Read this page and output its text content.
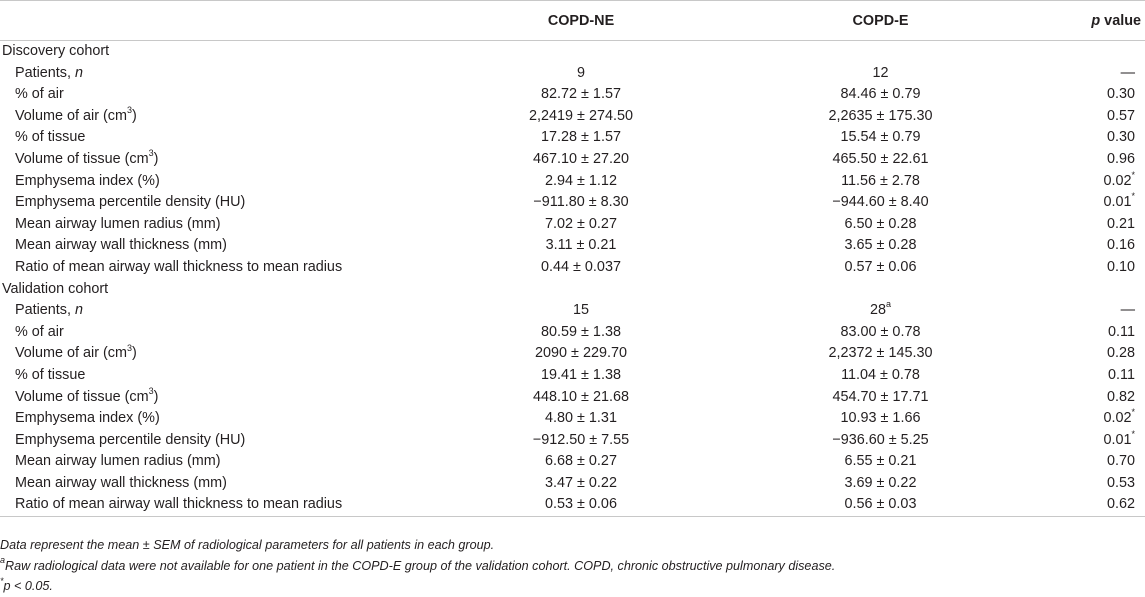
	COPD-NE	COPD-E	p value
Discovery cohort			
Patients, n	9	12	—
% of air	82.72 ± 1.57	84.46 ± 0.79	0.30
Volume of air $(cm^3)$	2,2419 ± 274.50	2,2635 ± 175.30	0.57
% of tissue	17.28 ± 1.57	15.54 ± 0.79	0.30
Volume of tissue $(cm^3)$	467.10 ± 27.20	465.50 ± 22.61	0.96
Emphysema index (%)	2.94 ± 1.12	11.56 ± 2.78	0.02*
Emphysema percentile density (HU)	−911.80 ± 8.30	−944.60 ± 8.40	0.01*
Mean airway lumen radius (mm)	7.02 ± 0.27	6.50 ± 0.28	0.21
Mean airway wall thickness (mm)	3.11 ± 0.21	3.65 ± 0.28	0.16
Ratio of mean airway wall thickness to mean radius	0.44 ± 0.037	0.57 ± 0.06	0.10
Validation cohort			
Patients, n	15	28$^a$	—
% of air	80.59 ± 1.38	83.00 ± 0.78	0.11
Volume of air $(cm^3)$	2090 ± 229.70	2,2372 ± 145.30	0.28
% of tissue	19.41 ± 1.38	11.04 ± 0.78	0.11
Volume of tissue $(cm^3)$	448.10 ± 21.68	454.70 ± 17.71	0.82
Emphysema index (%)	4.80 ± 1.31	10.93 ± 1.66	0.02*
Emphysema percentile density (HU)	−912.50 ± 7.55	−936.60 ± 5.25	0.01*
Mean airway lumen radius (mm)	6.68 ± 0.27	6.55 ± 0.21	0.70
Mean airway wall thickness (mm)	3.47 ± 0.22	3.69 ± 0.22	0.53
Ratio of mean airway wall thickness to mean radius	0.53 ± 0.06	0.56 ± 0.03	0.62
Data represent the mean ± SEM of radiological parameters for all patients in each group.
$^a$Raw radiological data were not available for one patient in the COPD-E group of the validation cohort. COPD, chronic obstructive pulmonary disease.
*p < 0.05.
